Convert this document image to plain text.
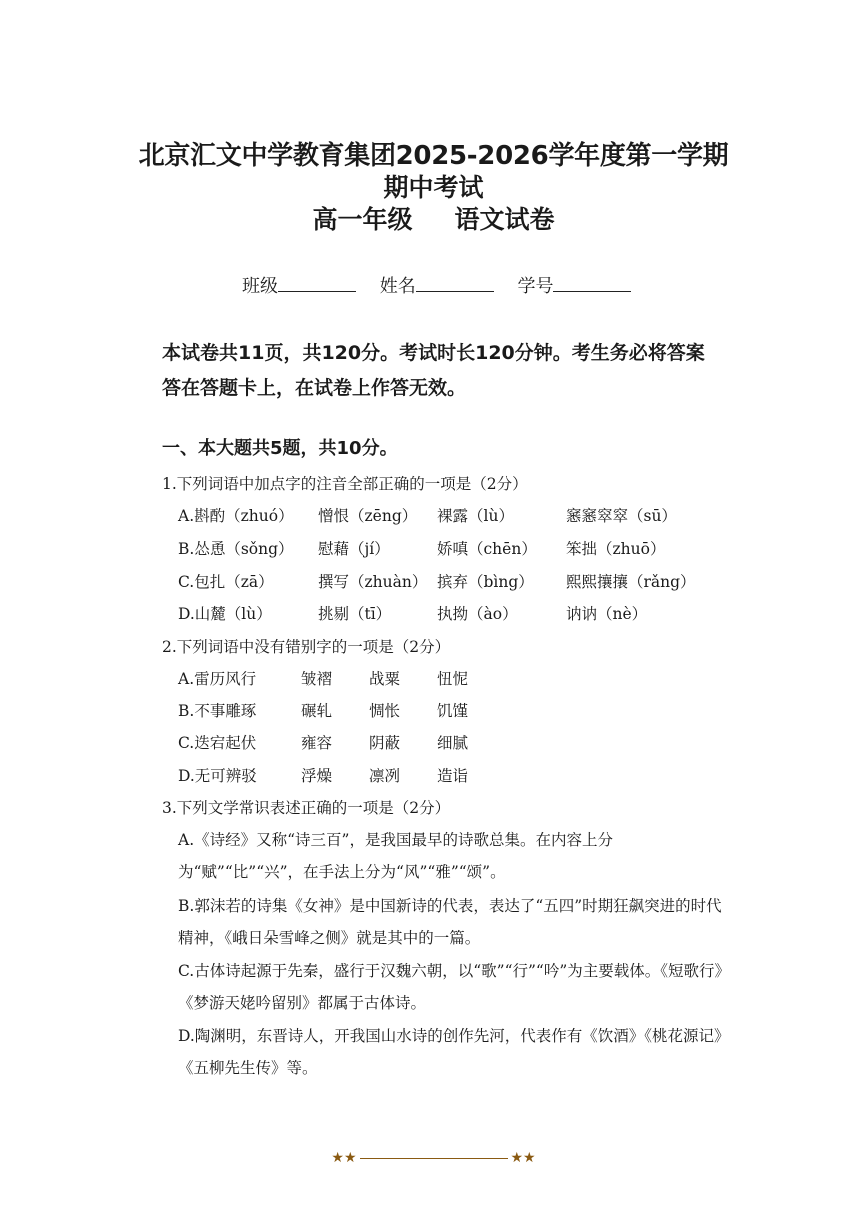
北京汇文中学教育集团2025-2026学年度第一学期
期中考试
高一年级 语文试卷
班级	姓名	学号
本试卷共11页，共120分。考试时长120分钟。考生务必将答案答在答题卡上，在试卷上作答无效。
一、本大题共5题，共10分。
1.下列词语中加点字的注音全部正确的一项是（2分）
A.斟酌（zhuó） 憎恨（zēng） 裸露（lù）	窸窸窣窣（sū）
B.怂恿（sǒng） 慰藉（jí）	娇嗔（chēn） 笨拙（zhuō）
C.包扎（zā）	撰写（zhuàn） 摈弃（bìng） 熙熙攘攘（rǎng）
D.山麓（lù）	挑剔（tī）	执拗（ào）	讷讷（nè）
2.下列词语中没有错别字的一项是（2分）
A.雷历风行	皱褶 战粟 忸怩
B.不事雕琢	碾轧 惆怅 饥馑
C.迭宕起伏	雍容 阴蔽 细腻
D.无可辨驳	浮燥 凛冽 造诣
3.下列文学常识表述正确的一项是（2分）
A.《诗经》又称“诗三百”，是我国最早的诗歌总集。在内容上分为“赋”“比”“兴”，在手法上分为“风”“雅”“颂”。
B.郭沫若的诗集《女神》是中国新诗的代表，表达了“五四”时期狂飙突进的时代精神，《峨日朵雪峰之侧》就是其中的一篇。
C.古体诗起源于先秦，盛行于汉魏六朝，以“歌”“行”“吟”为主要载体。《短歌行》《梦游天姥吟留别》都属于古体诗。
D.陶渊明，东晋诗人，开我国山水诗的创作先河，代表作有《饮酒》《桃花源记》《五柳先生传》等。
★★	★★
